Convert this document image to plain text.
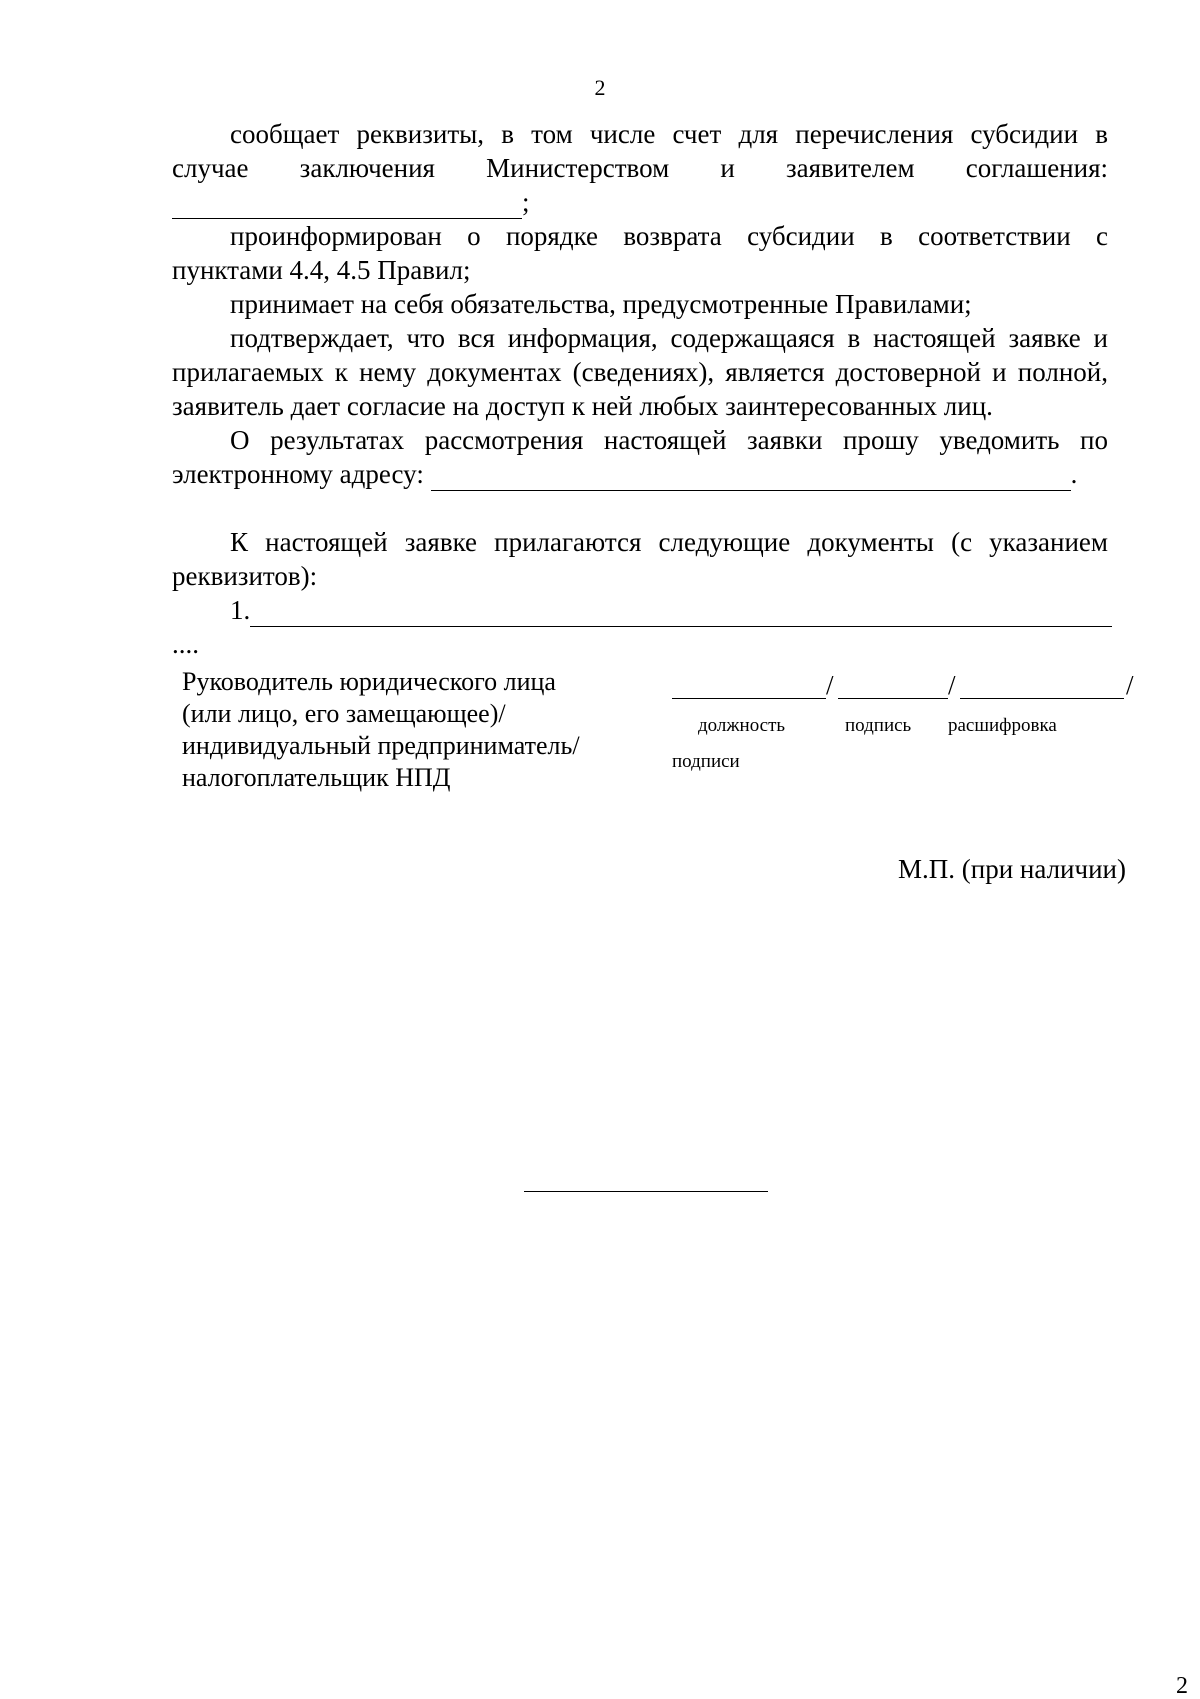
2
сообщает реквизиты, в том числе счет для перечисления субсидии в
случае заключения Министерством и заявителем соглашения:
;
проинформирован о порядке возврата субсидии в соответствии с
пунктами 4.4, 4.5 Правил;
принимает на себя обязательства, предусмотренные Правилами;
подтверждает, что вся информация, содержащаяся в настоящей заявке и
прилагаемых к нему документах (сведениях), является достоверной и полной,
заявитель дает согласие на доступ к ней любых заинтересованных лиц.
О результатах рассмотрения настоящей заявки прошу уведомить по
электронному адресу:	.
К настоящей заявке прилагаются следующие документы (с указанием
реквизитов):
1.
....
Руководитель юридического лица
(или лицо, его замещающее)/
индивидуальный предприниматель/
налогоплательщик НПД
/	/	/
должность	подпись расшифровка
подписи
М.П. (при наличии)
2
